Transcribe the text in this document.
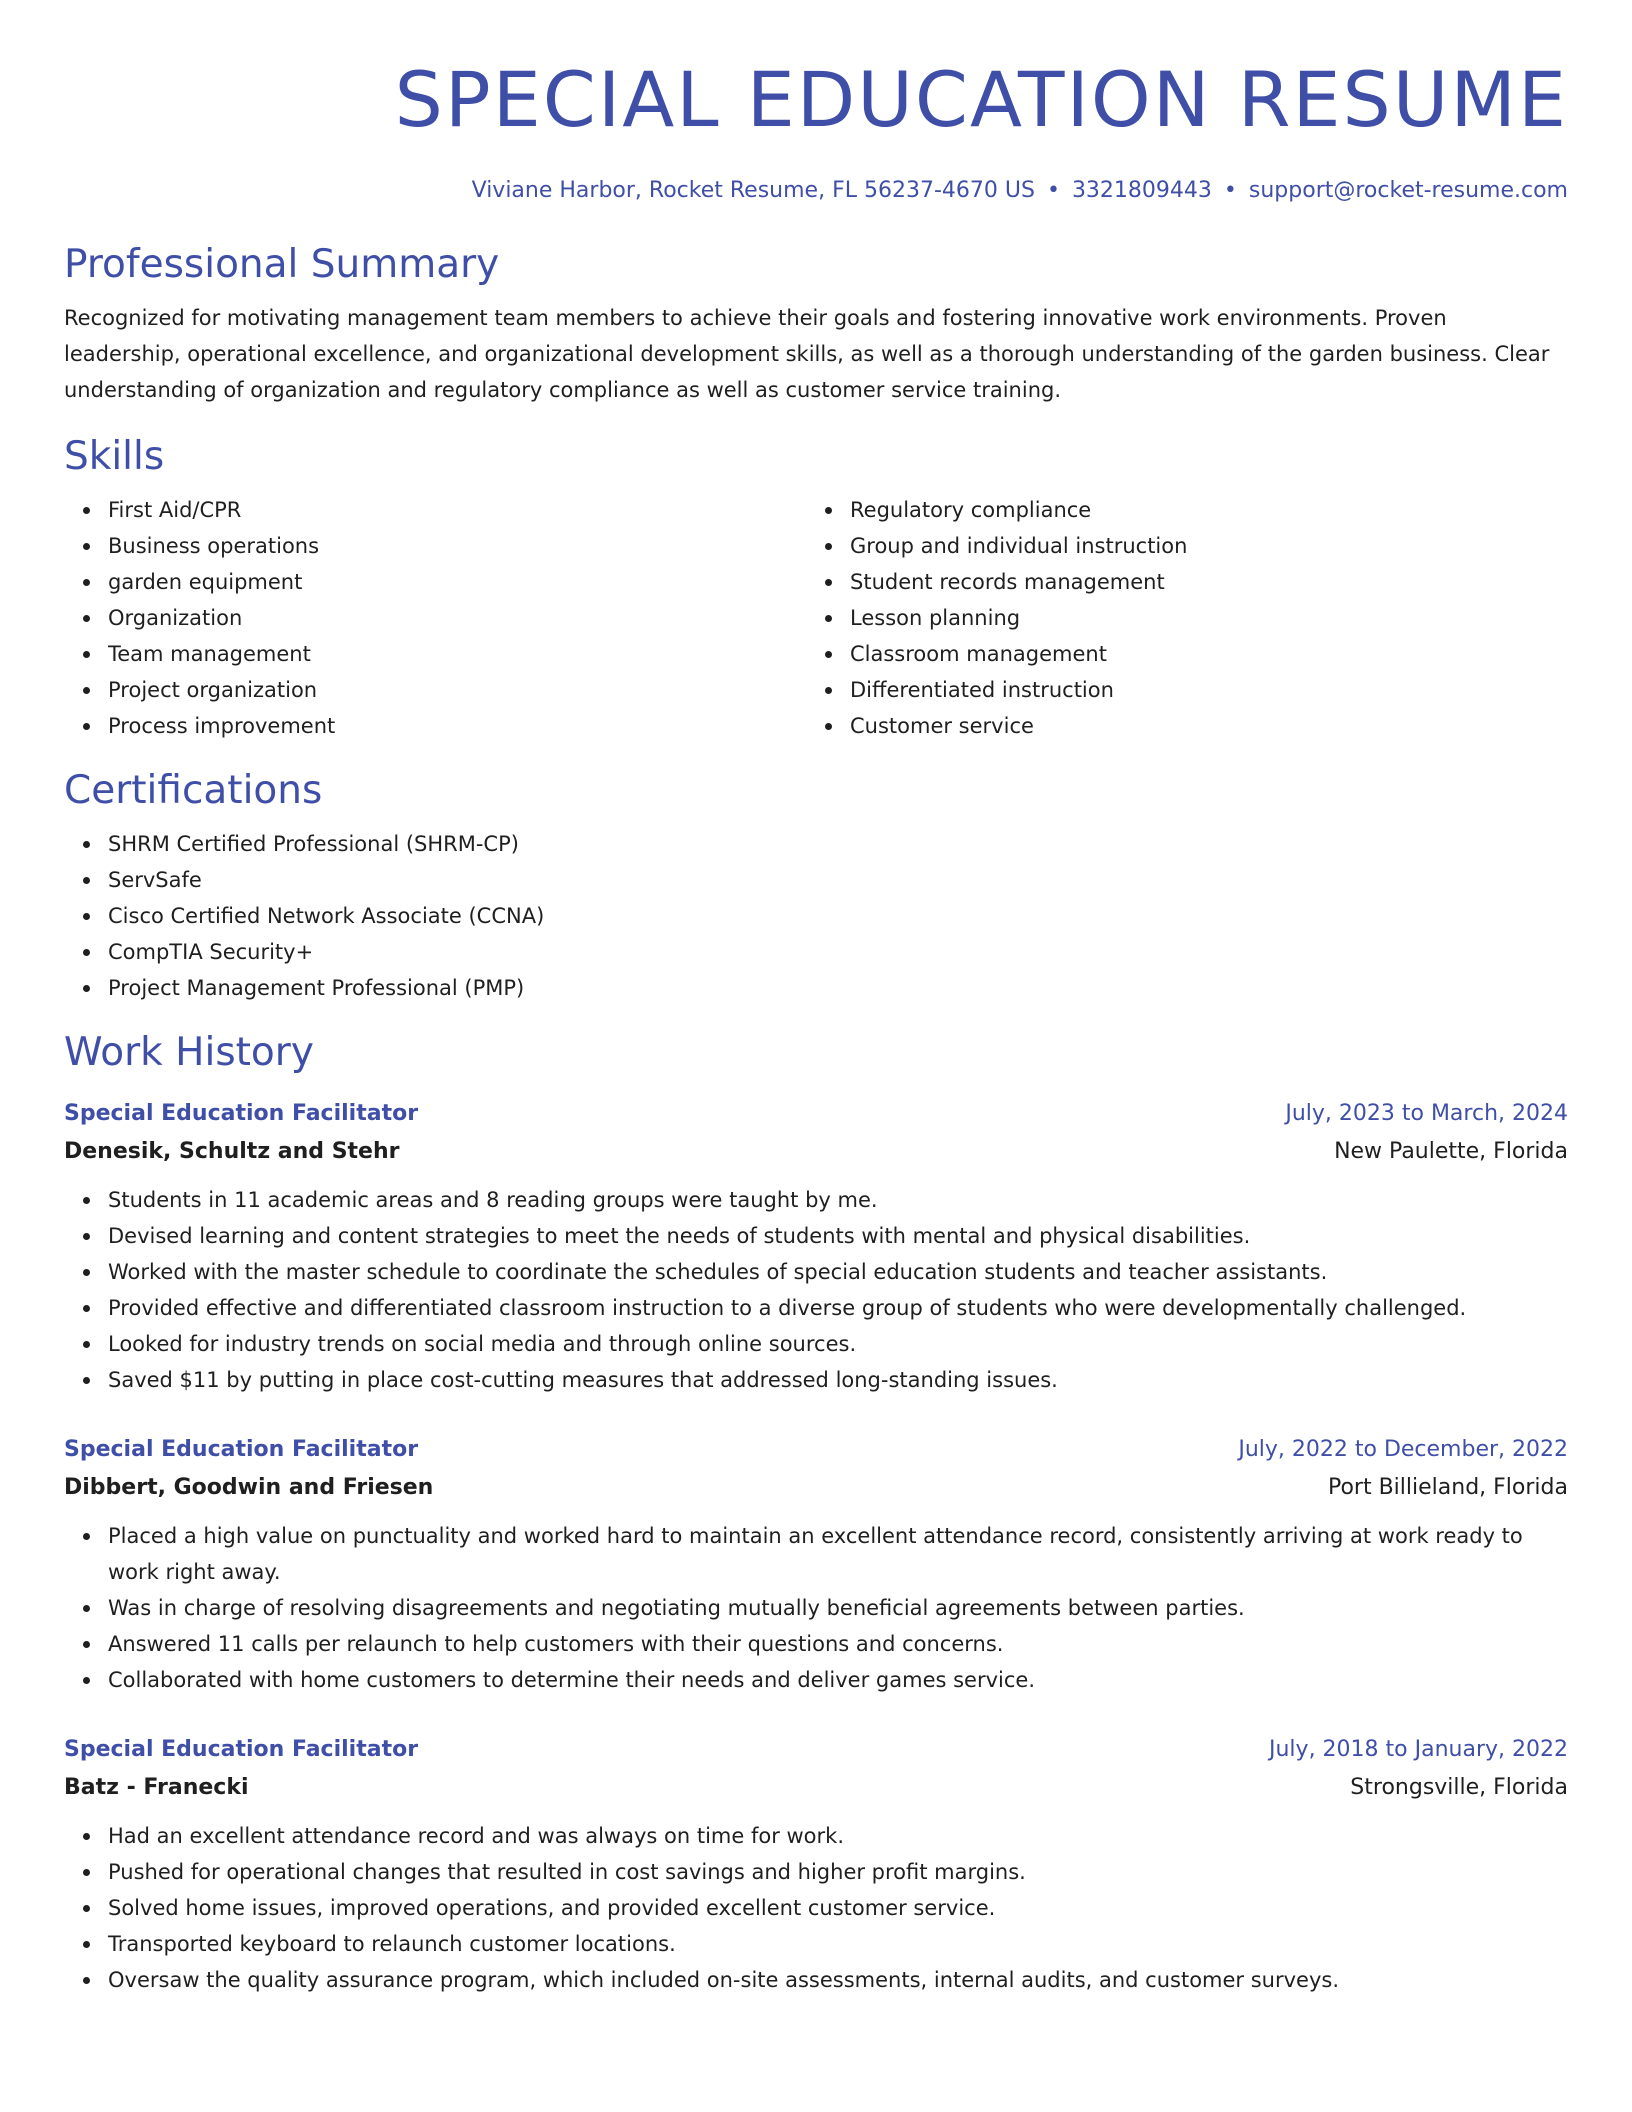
SPECIAL EDUCATION RESUME
Viviane Harbor, Rocket Resume, FL 56237-4670 US • 3321809443 • support@rocket-resume.com
Professional Summary

Recognized for motivating management team members to achieve their goals and fostering innovative work environments. Proven leadership, operational excellence, and organizational development skills, as well as a thorough understanding of the garden business. Clear understanding of organization and regulatory compliance as well as customer service training.

Skills
First Aid/CPR
Business operations
garden equipment
Organization
Team management
Project organization
Process improvement
Regulatory compliance
Group and individual instruction
Student records management
Lesson planning
Classroom management
Differentiated instruction
Customer service
Certifications
SHRM Certified Professional (SHRM-CP)
ServSafe
Cisco Certified Network Associate (CCNA)
CompTIA Security+
Project Management Professional (PMP)
Work History
Special Education Facilitator	July, 2023 to March, 2024
Denesik, Schultz and Stehr	New Paulette, Florida
Students in 11 academic areas and 8 reading groups were taught by me.
Devised learning and content strategies to meet the needs of students with mental and physical disabilities.
Worked with the master schedule to coordinate the schedules of special education students and teacher assistants.
Provided effective and differentiated classroom instruction to a diverse group of students who were developmentally challenged.
Looked for industry trends on social media and through online sources.
Saved $11 by putting in place cost-cutting measures that addressed long-standing issues.
Special Education Facilitator	July, 2022 to December, 2022
Dibbert, Goodwin and Friesen	Port Billieland, Florida
Placed a high value on punctuality and worked hard to maintain an excellent attendance record, consistently arriving at work ready to work right away.
Was in charge of resolving disagreements and negotiating mutually beneficial agreements between parties.
Answered 11 calls per relaunch to help customers with their questions and concerns.
Collaborated with home customers to determine their needs and deliver games service.
Special Education Facilitator	July, 2018 to January, 2022
Batz - Franecki	Strongsville, Florida
Had an excellent attendance record and was always on time for work.
Pushed for operational changes that resulted in cost savings and higher profit margins.
Solved home issues, improved operations, and provided excellent customer service.
Transported keyboard to relaunch customer locations.
Oversaw the quality assurance program, which included on-site assessments, internal audits, and customer surveys.
